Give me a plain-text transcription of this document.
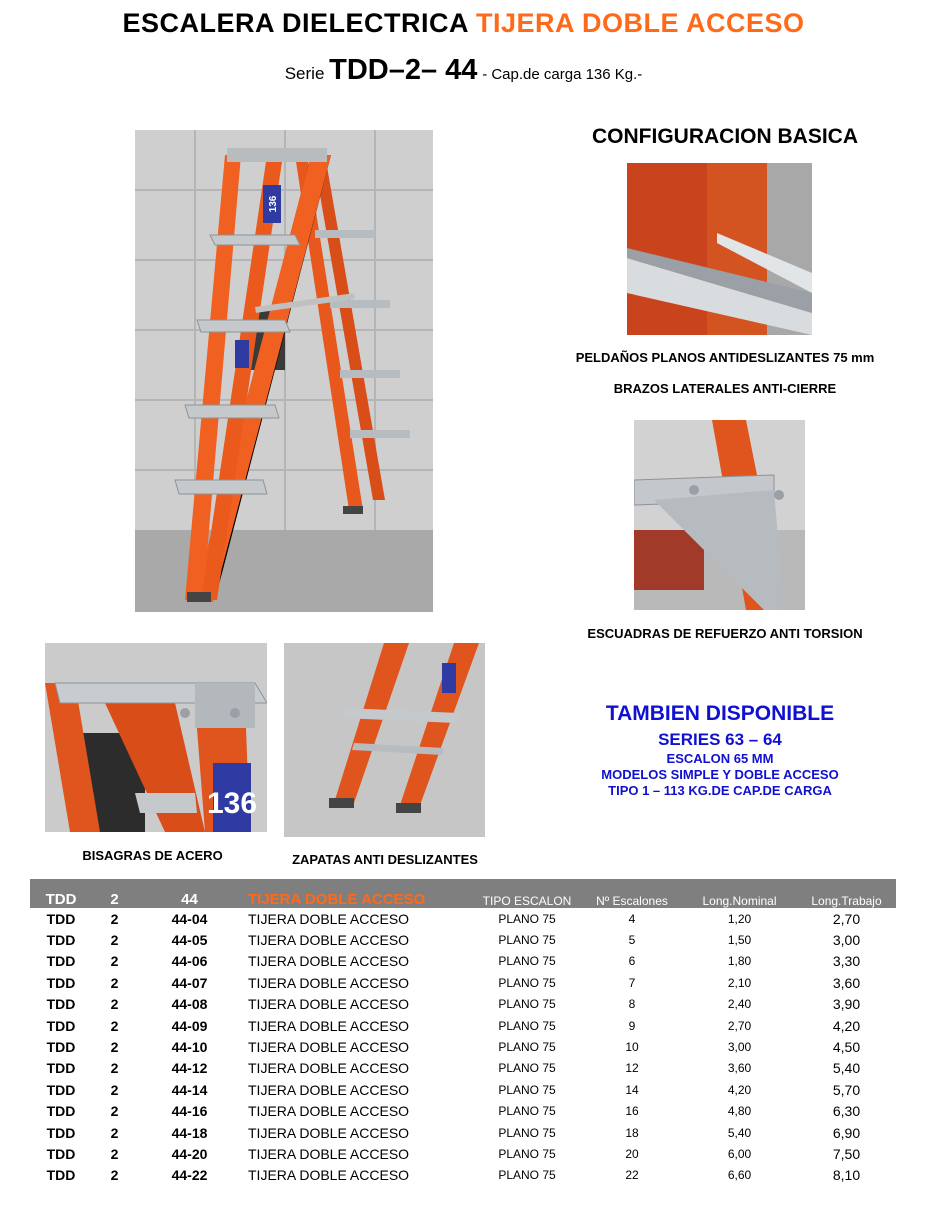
ESCALERA DIELECTRICA TIJERA DOBLE ACCESO
Serie TDD–2– 44 - Cap.de carga 136 Kg.-
136
CONFIGURACION BASICA
PELDAÑOS PLANOS ANTIDESLIZANTES 75 mm
BRAZOS LATERALES ANTI-CIERRE
ESCUADRAS DE REFUERZO ANTI TORSION
TAMBIEN DISPONIBLE
SERIES 63 – 64
ESCALON 65 MM
MODELOS SIMPLE Y DOBLE ACCESO
TIPO 1 – 113 KG.DE CAP.DE CARGA
136
BISAGRAS DE ACERO	ZAPATAS ANTI DESLIZANTES
TDD	2	44	TIJERA DOBLE ACCESO	TIPO ESCALON	Nº Escalones	Long.Nominal	Long.Trabajo
TDD	2	44-04	TIJERA DOBLE ACCESO	PLANO 75	4	1,20	2,70
TDD	2	44-05	TIJERA DOBLE ACCESO	PLANO 75	5	1,50	3,00
TDD	2	44-06	TIJERA DOBLE ACCESO	PLANO 75	6	1,80	3,30
TDD	2	44-07	TIJERA DOBLE ACCESO	PLANO 75	7	2,10	3,60
TDD	2	44-08	TIJERA DOBLE ACCESO	PLANO 75	8	2,40	3,90
TDD	2	44-09	TIJERA DOBLE ACCESO	PLANO 75	9	2,70	4,20
TDD	2	44-10	TIJERA DOBLE ACCESO	PLANO 75	10	3,00	4,50
TDD	2	44-12	TIJERA DOBLE ACCESO	PLANO 75	12	3,60	5,40
TDD	2	44-14	TIJERA DOBLE ACCESO	PLANO 75	14	4,20	5,70
TDD	2	44-16	TIJERA DOBLE ACCESO	PLANO 75	16	4,80	6,30
TDD	2	44-18	TIJERA DOBLE ACCESO	PLANO 75	18	5,40	6,90
TDD	2	44-20	TIJERA DOBLE ACCESO	PLANO 75	20	6,00	7,50
TDD	2	44-22	TIJERA DOBLE ACCESO	PLANO 75	22	6,60	8,10
